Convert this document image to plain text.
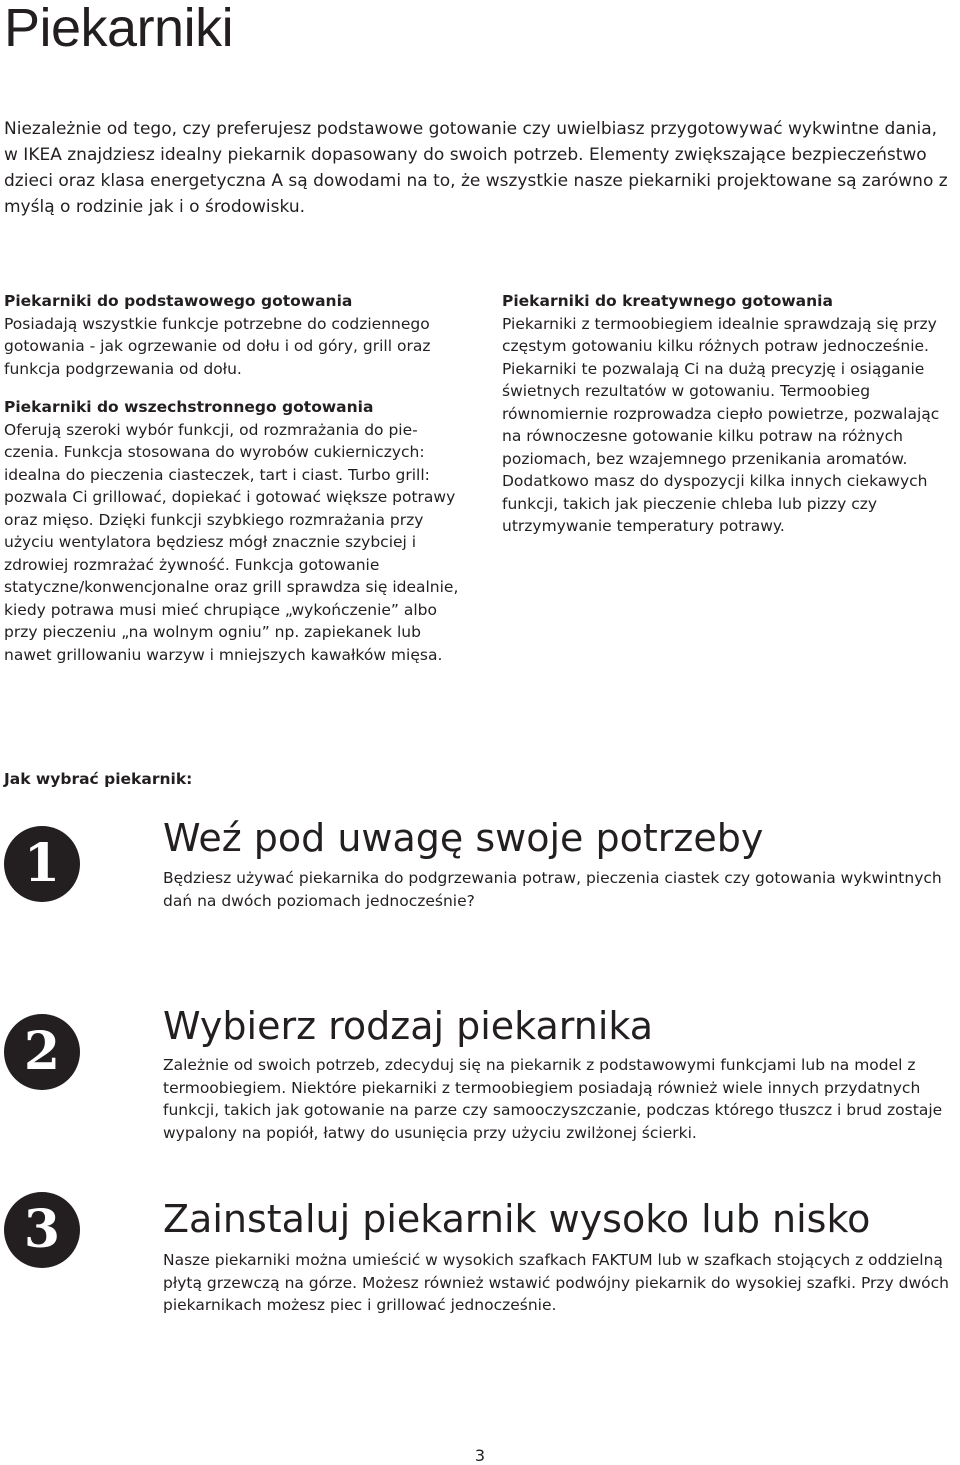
Piekarniki

Niezależnie od tego, czy preferujesz podstawowe gotowanie czy uwielbiasz przygotowywać wykwintne dania, w IKEA znajdziesz idealny piekarnik dopasowany do swoich potrzeb. Elementy zwiększające bezpieczeństwo dzieci oraz klasa energetyczna A są dowodami na to, że wszystkie nasze piekarniki projektowane są zarówno z myślą o rodzinie jak i o środowisku.

Piekarniki do podstawowego gotowania

Posiadają wszystkie funkcje potrzebne do codziennego gotowania - jak ogrzewanie od dołu i od góry, grill oraz funkcja podgrzewania od dołu.

Piekarniki do wszechstronnego gotowania

Oferują szeroki wybór funkcji, od rozmrażania do pieczenia. Funkcja stosowana do wyrobów cukierniczych: idealna do pieczenia ciasteczek, tart i ciast. Turbo grill: pozwala Ci grillować, dopiekać i gotować większe potrawy oraz mięso. Dzięki funkcji szybkiego rozmrażania przy użyciu wentylatora będziesz mógł znacznie szybciej i zdrowiej rozmrażać żywność. Funkcja gotowanie statyczne/konwencjonalne oraz grill sprawdza się idealnie, kiedy potrawa musi mieć chrupiące „wykończenie” albo przy pieczeniu „na wolnym ogniu” np. zapiekanek lub nawet grillowaniu warzyw i mniejszych kawałków mięsa.

Piekarniki do kreatywnego gotowania

Piekarniki z termoobiegiem idealnie sprawdzają się przy częstym gotowaniu kilku różnych potraw jednocześnie. Piekarniki te pozwalają Ci na dużą precyzję i osiąganie świetnych rezultatów w gotowaniu. Termoobieg równomiernie rozprowadza ciepło powietrze, pozwalając na równoczesne gotowanie kilku potraw na różnych poziomach, bez wzajemnego przenikania aromatów. Dodatkowo masz do dyspozycji kilka innych ciekawych funkcji, takich jak pieczenie chleba lub pizzy czy utrzymywanie temperatury potrawy.

Jak wybrać piekarnik:
1	Weź pod uwagę swoje potrzeby

Będziesz używać piekarnika do podgrzewania potraw, pieczenia ciastek czy gotowania wykwintnych dań na dwóch poziomach jednocześnie?

2	Wybierz rodzaj piekarnika

Zależnie od swoich potrzeb, zdecyduj się na piekarnik z podstawowymi funkcjami lub na model z termoobiegiem. Niektóre piekarniki z termoobiegiem posiadają również wiele innych przydatnych funkcji, takich jak gotowanie na parze czy samooczyszczanie, podczas którego tłuszcz i brud zostaje wypalony na popiół, łatwy do usunięcia przy użyciu zwilżonej ścierki.

3	Zainstaluj piekarnik wysoko lub nisko

Nasze piekarniki można umieścić w wysokich szafkach FAKTUM lub w szafkach stojących z oddzielną płytą grzewczą na górze. Możesz również wstawić podwójny piekarnik do wysokiej szafki. Przy dwóch piekarnikach możesz piec i grillować jednocześnie.

3
